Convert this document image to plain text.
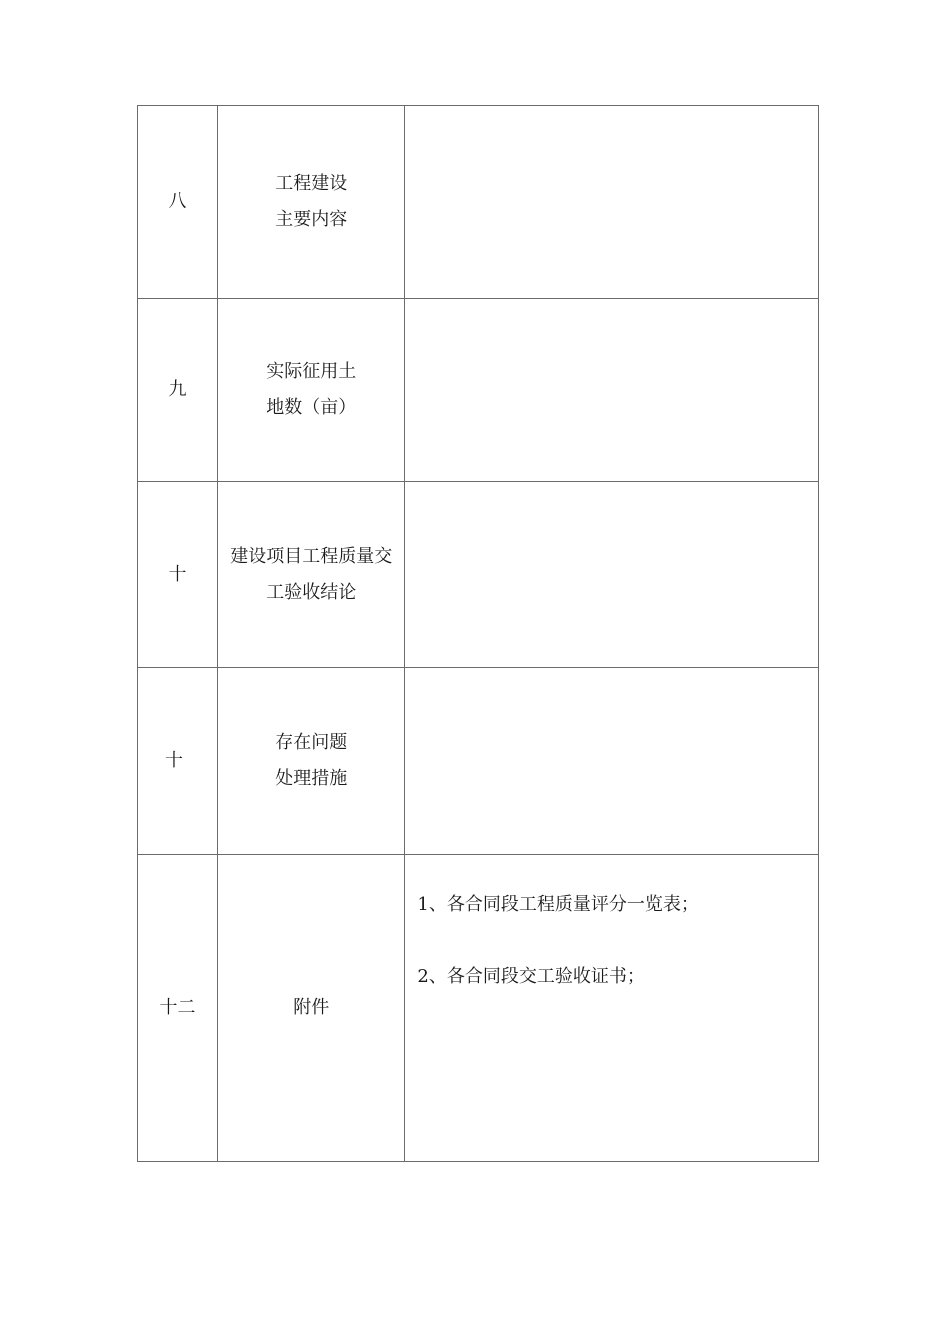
八	工程建设
主要内容	

九	实际征用土
地数（亩）	

十	建设项目工程质量交
工验收结论	

十	存在问题
处理措施	

十二	附件	1、各合同段工程质量评分一览表；
2、各合同段交工验收证书；
